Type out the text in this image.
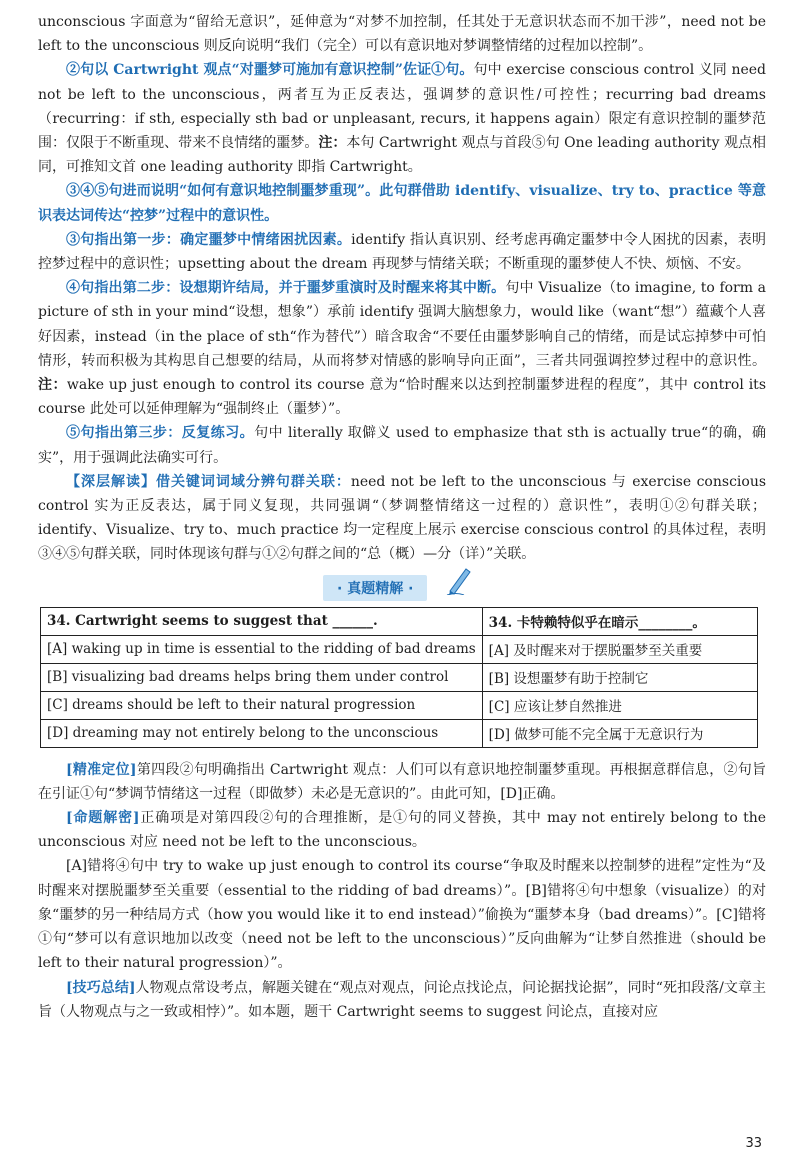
unconscious 字面意为“留给无意识”，延伸意为“对梦不加控制，任其处于无意识状态而不加干涉”，need not be left to the unconscious 则反向说明“我们（完全）可以有意识地对梦调整情绪的过程加以控制”。

②句以 Cartwright 观点“对噩梦可施加有意识控制”佐证①句。句中 exercise conscious control 义同 need not be left to the unconscious，两者互为正反表达，强调梦的意识性/可控性；recurring bad dreams（recurring：if sth, especially sth bad or unpleasant, recurs, it happens again）限定有意识控制的噩梦范围：仅限于不断重现、带来不良情绪的噩梦。注：本句 Cartwright 观点与首段⑤句 One leading authority 观点相同，可推知文首 one leading authority 即指 Cartwright。

③④⑤句进而说明“如何有意识地控制噩梦重现”。此句群借助 identify、visualize、try to、practice 等意识表达词传达“控梦”过程中的意识性。

③句指出第一步：确定噩梦中情绪困扰因素。identify 指认真识别、经考虑再确定噩梦中令人困扰的因素，表明控梦过程中的意识性；upsetting about the dream 再现梦与情绪关联；不断重现的噩梦使人不快、烦恼、不安。

④句指出第二步：设想期许结局，并于噩梦重演时及时醒来将其中断。句中 Visualize（to imagine, to form a picture of sth in your mind“设想，想象”）承前 identify 强调大脑想象力，would like（want“想”）蕴藏个人喜好因素，instead（in the place of sth“作为替代”）暗含取舍“不要任由噩梦影响自己的情绪，而是试忘掉梦中可怕情形，转而积极为其构思自己想要的结局，从而将梦对情感的影响导向正面”，三者共同强调控梦过程中的意识性。注：wake up just enough to control its course 意为“恰时醒来以达到控制噩梦进程的程度”，其中 control its course 此处可以延伸理解为“强制终止（噩梦）”。

⑤句指出第三步：反复练习。句中 literally 取僻义 used to emphasize that sth is actually true“的确，确实”，用于强调此法确实可行。

【深层解读】借关键词词域分辨句群关联：need not be left to the unconscious 与 exercise conscious control 实为正反表达，属于同义复现，共同强调“（梦调整情绪这一过程的）意识性”，表明①②句群关联；identify、Visualize、try to、much practice 均一定程度上展示 exercise conscious control 的具体过程，表明③④⑤句群关联，同时体现该句群与①②句群之间的“总（概）—分（详）”关联。

· 真题精解 ·
34. Cartwright seems to suggest that ______.	34. 卡特赖特似乎在暗示________。
[A] waking up in time is essential to the ridding of bad dreams	[A] 及时醒来对于摆脱噩梦至关重要
[B] visualizing bad dreams helps bring them under control	[B] 设想噩梦有助于控制它
[C] dreams should be left to their natural progression	[C] 应该让梦自然推进
[D] dreaming may not entirely belong to the unconscious	[D] 做梦可能不完全属于无意识行为

[精准定位]第四段②句明确指出 Cartwright 观点：人们可以有意识地控制噩梦重现。再根据意群信息，②句旨在引证①句“梦调节情绪这一过程（即做梦）未必是无意识的”。由此可知，[D]正确。

[命题解密]正确项是对第四段②句的合理推断，是①句的同义替换，其中 may not entirely belong to the unconscious 对应 need not be left to the unconscious。

[A]错将④句中 try to wake up just enough to control its course“争取及时醒来以控制梦的进程”定性为“及时醒来对摆脱噩梦至关重要（essential to the ridding of bad dreams）”。[B]错将④句中想象（visualize）的对象“噩梦的另一种结局方式（how you would like it to end instead）”偷换为“噩梦本身（bad dreams）”。[C]错将①句“梦可以有意识地加以改变（need not be left to the unconscious）”反向曲解为“让梦自然推进（should be left to their natural progression）”。

[技巧总结]人物观点常设考点，解题关键在“观点对观点，问论点找论点，问论据找论据”，同时“死扣段落/文章主旨（人物观点与之一致或相悖）”。如本题，题干 Cartwright seems to suggest 问论点，直接对应

33
